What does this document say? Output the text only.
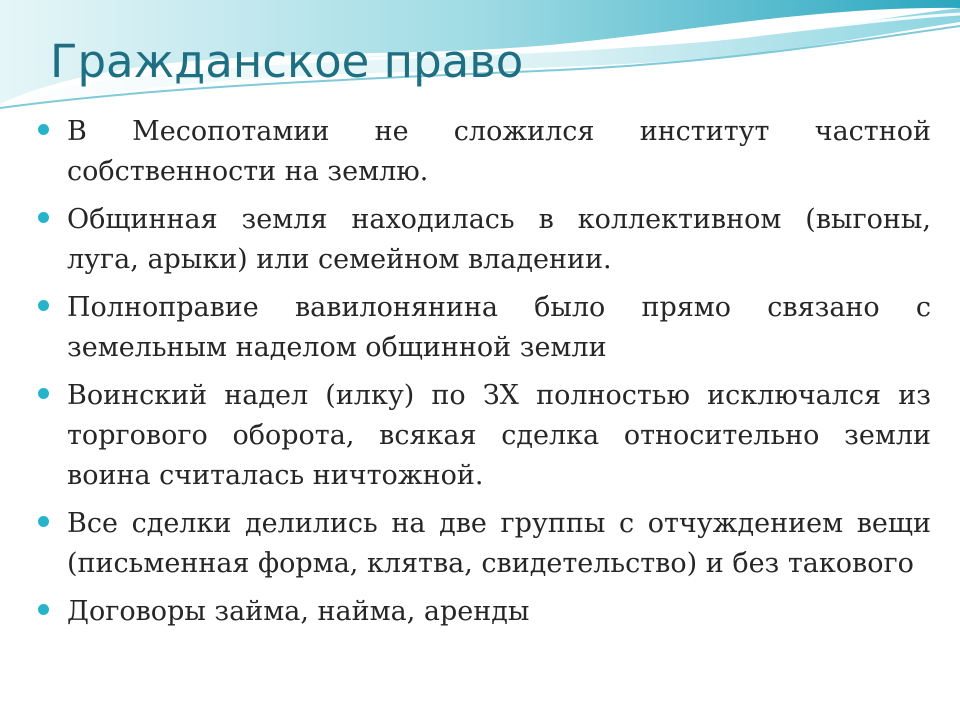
Гражданское право
В Месопотамии не сложился институт частной собственности на землю.
Общинная земля находилась в коллективном (выгоны, луга, арыки) или семейном владении.
Полноправие вавилонянина было прямо связано с земельным наделом общинной земли
Воинский надел (илку) по ЗХ полностью исключался из торгового оборота, всякая сделка относительно земли воина считалась ничтожной.
Все сделки делились на две группы с отчуждением вещи (письменная форма, клятва, свидетельство) и без такового
Договоры займа, найма, аренды
